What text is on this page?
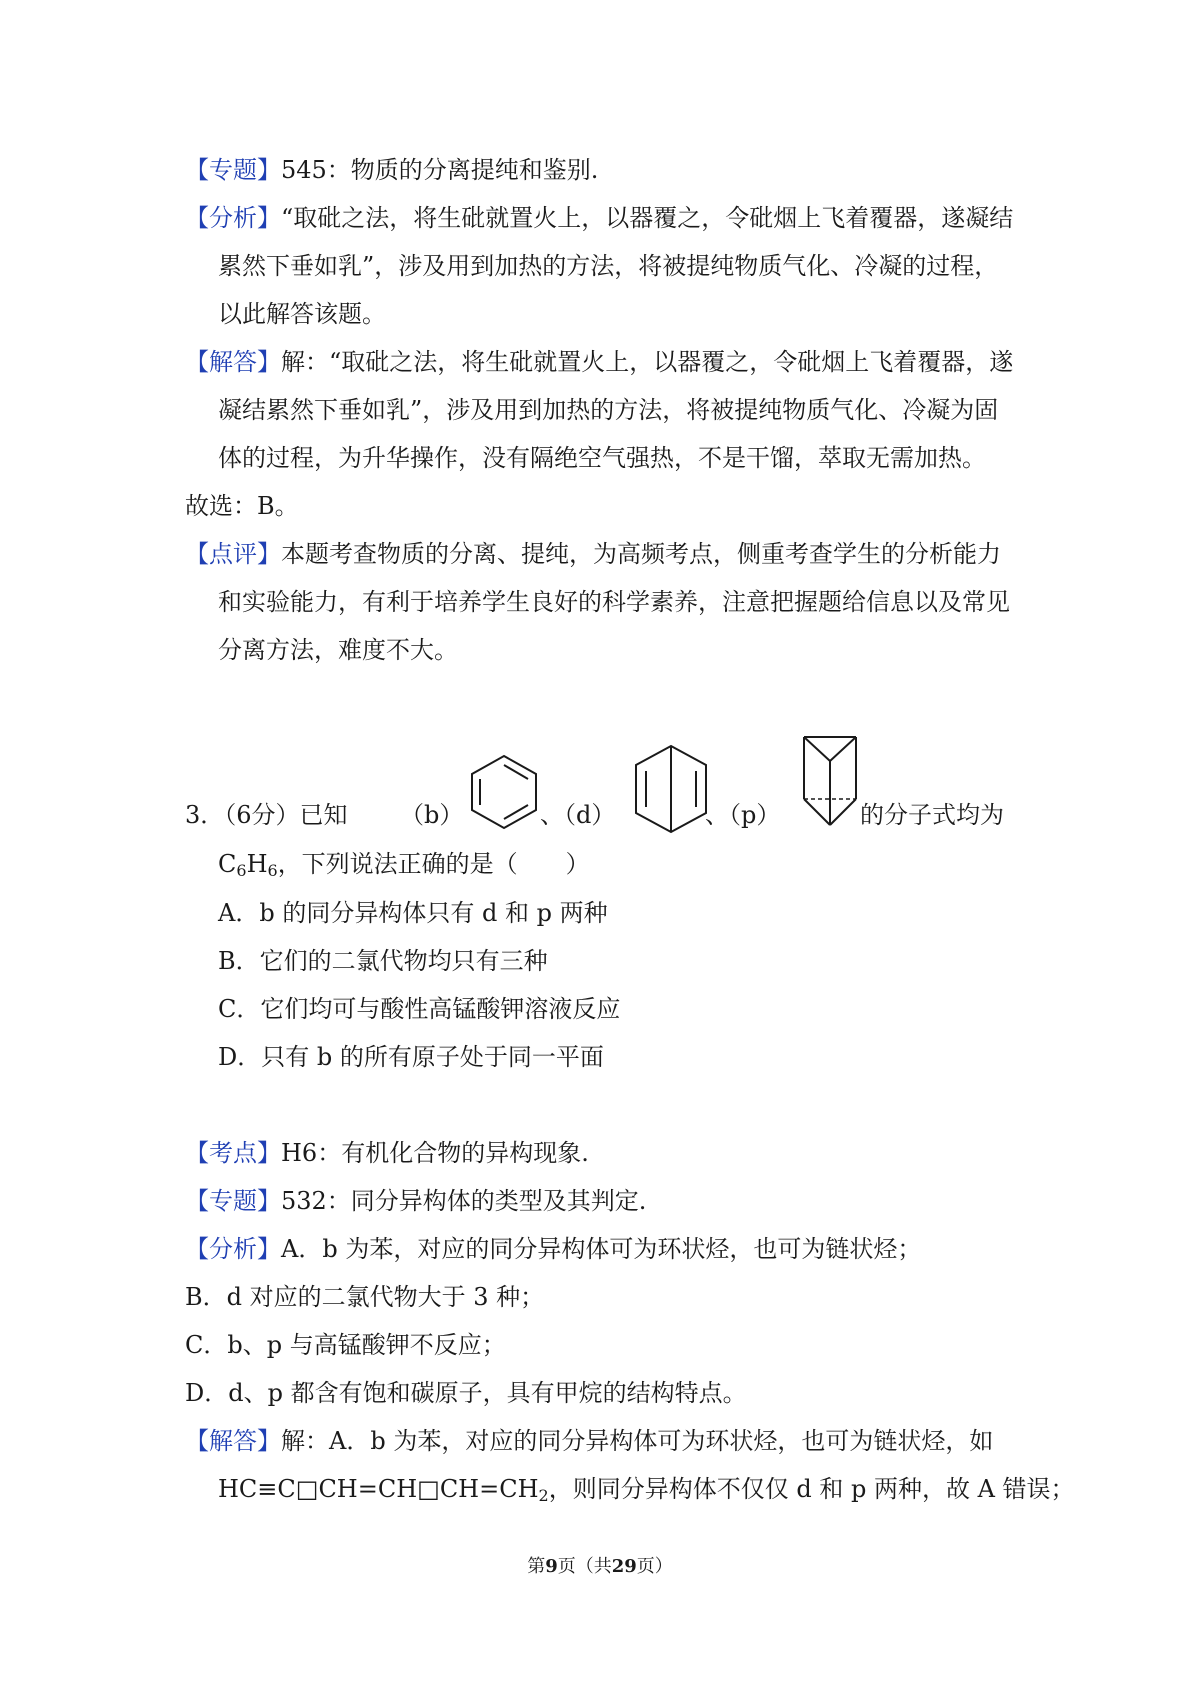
【专题】545：物质的分离提纯和鉴别.
【分析】“取砒之法，将生砒就置火上，以器覆之，令砒烟上飞着覆器，遂凝结
累然下垂如乳”，涉及用到加热的方法，将被提纯物质气化、冷凝的过程，
以此解答该题。
【解答】解：“取砒之法，将生砒就置火上，以器覆之，令砒烟上飞着覆器，遂
凝结累然下垂如乳”，涉及用到加热的方法，将被提纯物质气化、冷凝为固
体的过程，为升华操作，没有隔绝空气强热，不是干馏，萃取无需加热。
故选：B。
【点评】本题考查物质的分离、提纯，为高频考点，侧重考查学生的分析能力
和实验能力，有利于培养学生良好的科学素养，注意把握题给信息以及常见
分离方法，难度不大。
3．（6分）已知 （b）	、（d）	、（p）	的分子式均为
$C_6H_6$，下列说法正确的是（　　）
A．b 的同分异构体只有 d 和 p 两种
B．它们的二氯代物均只有三种
C．它们均可与酸性高锰酸钾溶液反应
D．只有 b 的所有原子处于同一平面
【考点】H6：有机化合物的异构现象.
【专题】532：同分异构体的类型及其判定.
【分析】A．b 为苯，对应的同分异构体可为环状烃，也可为链状烃；
B．d 对应的二氯代物大于 3 种；
C．b、p 与高锰酸钾不反应；
D．d、p 都含有饱和碳原子，具有甲烷的结构特点。
【解答】解：A．b 为苯，对应的同分异构体可为环状烃，也可为链状烃，如
$HC\equiv C□CH=CH□CH=CH_2$，则同分异构体不仅仅 d 和 p 两种，故 A 错误；
第9页（共29页）
